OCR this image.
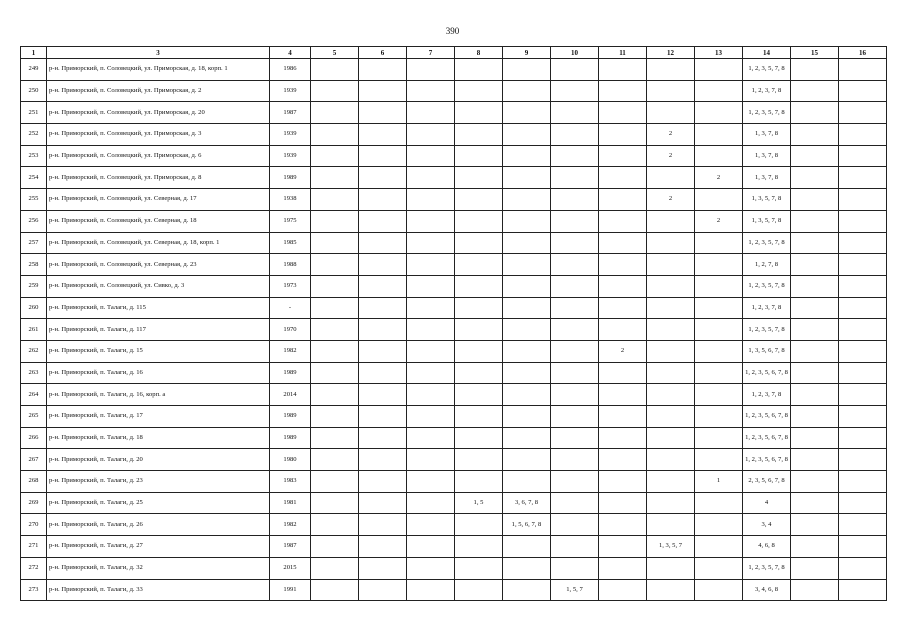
390
1	3	4	5	6	7	8	9	10	11	12	13	14	15	16
249	р-н. Приморский, п. Соловецкий, ул. Приморская, д. 18, корп. 1	1986										1, 2, 3, 5, 7, 8		
250	р-н. Приморский, п. Соловецкий, ул. Приморская, д. 2	1939										1, 2, 3, 7, 8		
251	р-н. Приморский, п. Соловецкий, ул. Приморская, д. 20	1987										1, 2, 3, 5, 7, 8		
252	р-н. Приморский, п. Соловецкий, ул. Приморская, д. 3	1939								2		1, 3, 7, 8		
253	р-н. Приморский, п. Соловецкий, ул. Приморская, д. 6	1939								2		1, 3, 7, 8		
254	р-н. Приморский, п. Соловецкий, ул. Приморская, д. 8	1989									2	1, 3, 7, 8		
255	р-н. Приморский, п. Соловецкий, ул. Северная, д. 17	1938								2		1, 3, 5, 7, 8		
256	р-н. Приморский, п. Соловецкий, ул. Северная, д. 18	1975									2	1, 3, 5, 7, 8		
257	р-н. Приморский, п. Соловецкий, ул. Северная, д. 18, корп. 1	1985										1, 2, 3, 5, 7, 8		
258	р-н. Приморский, п. Соловецкий, ул. Северная, д. 23	1988										1, 2, 7, 8		
259	р-н. Приморский, п. Соловецкий, ул. Сивко, д. 3	1973										1, 2, 3, 5, 7, 8		
260	р-н. Приморский, п. Талаги, д. 115	-										1, 2, 3, 7, 8		
261	р-н. Приморский, п. Талаги, д. 117	1970										1, 2, 3, 5, 7, 8		
262	р-н. Приморский, п. Талаги, д. 15	1982							2			1, 3, 5, 6, 7, 8		
263	р-н. Приморский, п. Талаги, д. 16	1989										1, 2, 3, 5, 6, 7, 8		
264	р-н. Приморский, п. Талаги, д. 16, корп. а	2014										1, 2, 3, 7, 8		
265	р-н. Приморский, п. Талаги, д. 17	1989										1, 2, 3, 5, 6, 7, 8		
266	р-н. Приморский, п. Талаги, д. 18	1989										1, 2, 3, 5, 6, 7, 8		
267	р-н. Приморский, п. Талаги, д. 20	1980										1, 2, 3, 5, 6, 7, 8		
268	р-н. Приморский, п. Талаги, д. 23	1983									1	2, 3, 5, 6, 7, 8		
269	р-н. Приморский, п. Талаги, д. 25	1981				1, 5	3, 6, 7, 8					4		
270	р-н. Приморский, п. Талаги, д. 26	1982					1, 5, 6, 7, 8					3, 4		
271	р-н. Приморский, п. Талаги, д. 27	1987								1, 3, 5, 7		4, 6, 8		
272	р-н. Приморский, п. Талаги, д. 32	2015										1, 2, 3, 5, 7, 8		
273	р-н. Приморский, п. Талаги, д. 33	1991						1, 5, 7				3, 4, 6, 8		
